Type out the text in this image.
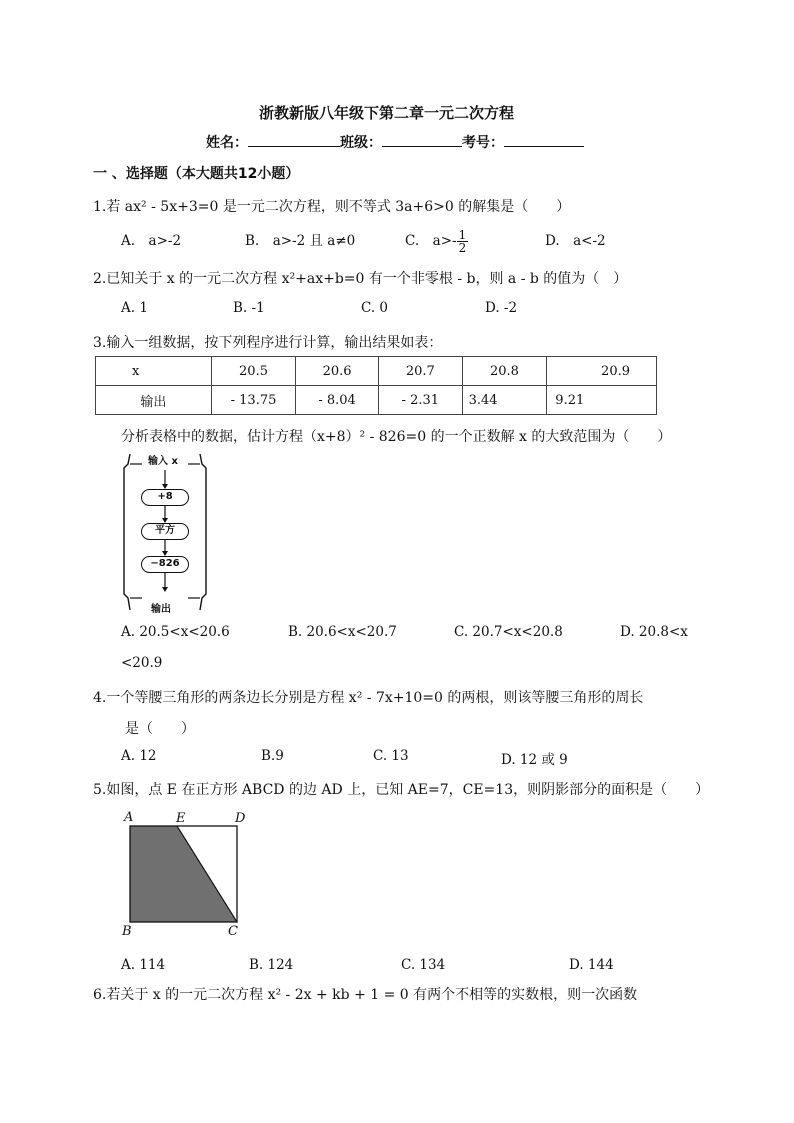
浙教新版八年级下第二章一元二次方程
姓名：	班级：	考号：
一 、选择题（本大题共12小题）
1.若 ax² - 5x+3=0 是一元二次方程，则不等式 3a+6>0 的解集是（　　）
A.　a>-2	B.　a>-2 且 a≠0	C.　$a>- \frac{1}{2}$	D.　a<-2
2.已知关于 x 的一元二次方程 x²+ax+b=0 有一个非零根 - b，则 a - b 的值为（　）
A. 1	B. -1	C. 0	D. -2
3.输入一组数据，按下列程序进行计算，输出结果如表：
x	20.5	20.6	20.7	20.8	20.9
输出	- 13.75	- 8.04	- 2.31	3.44	9.21
分析表格中的数据，估计方程（x+8）² - 826=0 的一个正数解 x 的大致范围为（　　）
输入 x
+8
平方
−826
输出
A. 20.5<x<20.6	B. 20.6<x<20.7	C. 20.7<x<20.8	D. 20.8<x
<20.9
4.一个等腰三角形的两条边长分别是方程 x² - 7x+10=0 的两根，则该等腰三角形的周长
是（　　）
A. 12	B.9	C. 13	D. 12 或 9
5.如图，点 E 在正方形 ABCD 的边 AD 上，已知 AE=7，CE=13，则阴影部分的面积是（　　）
A	E	D
B	C
A. 114	B. 124	C. 134	D. 144
6.若关于 x 的一元二次方程 x² - 2x + kb + 1 = 0 有两个不相等的实数根，则一次函数
